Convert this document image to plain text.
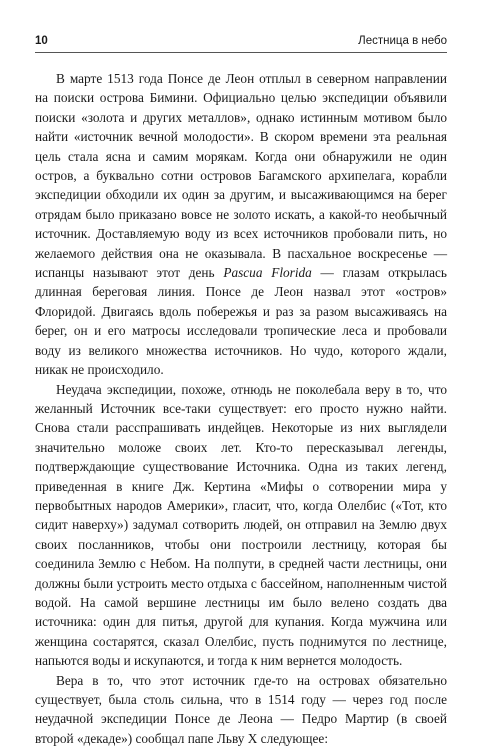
10	Лестница в небо

В марте 1513 года Понсе де Леон отплыл в северном направлении на поиски острова Бимини. Официально целью экспедиции объявили поиски «золота и других металлов», однако истинным мотивом было найти «источник вечной молодости». В скором времени эта реальная цель стала ясна и самим морякам. Когда они обнаружили не один остров, а буквально сотни островов Багамского архипелага, корабли экспедиции обходили их один за другим, и высаживающимся на берег отрядам было приказано вовсе не золото искать, а какой-то необычный источник. Доставляемую воду из всех источников пробовали пить, но желаемого действия она не оказывала. В пасхальное воскресенье — испанцы называют этот день Pascua Florida — глазам открылась длинная береговая линия. Понсе де Леон назвал этот «остров» Флоридой. Двигаясь вдоль побережья и раз за разом высаживаясь на берег, он и его матросы исследовали тропические леса и пробовали воду из великого множества источников. Но чудо, которого ждали, никак не происходило.

Неудача экспедиции, похоже, отнюдь не поколебала веру в то, что желанный Источник все-таки существует: его просто нужно найти. Снова стали расспрашивать индейцев. Некоторые из них выглядели значительно моложе своих лет. Кто-то пересказывал легенды, подтверждающие существование Источника. Одна из таких легенд, приведенная в книге Дж. Кертина «Мифы о сотворении мира у первобытных народов Америки», гласит, что, когда Олелбис («Тот, кто сидит наверху») задумал сотворить людей, он отправил на Землю двух своих посланников, чтобы они построили лестницу, которая бы соединила Землю с Небом. На полпути, в средней части лестницы, они должны были устроить место отдыха с бассейном, наполненным чистой водой. На самой вершине лестницы им было велено создать два источника: один для питья, другой для купания. Когда мужчина или женщина состарятся, сказал Олелбис, пусть поднимутся по лестнице, напьются воды и искупаются, и тогда к ним вернется молодость.

Вера в то, что этот источник где-то на островах обязательно существует, была столь сильна, что в 1514 году — через год после неудачной экспедиции Понсе де Леона — Педро Мартир (в своей второй «декаде») сообщал папе Льву X следующее:
